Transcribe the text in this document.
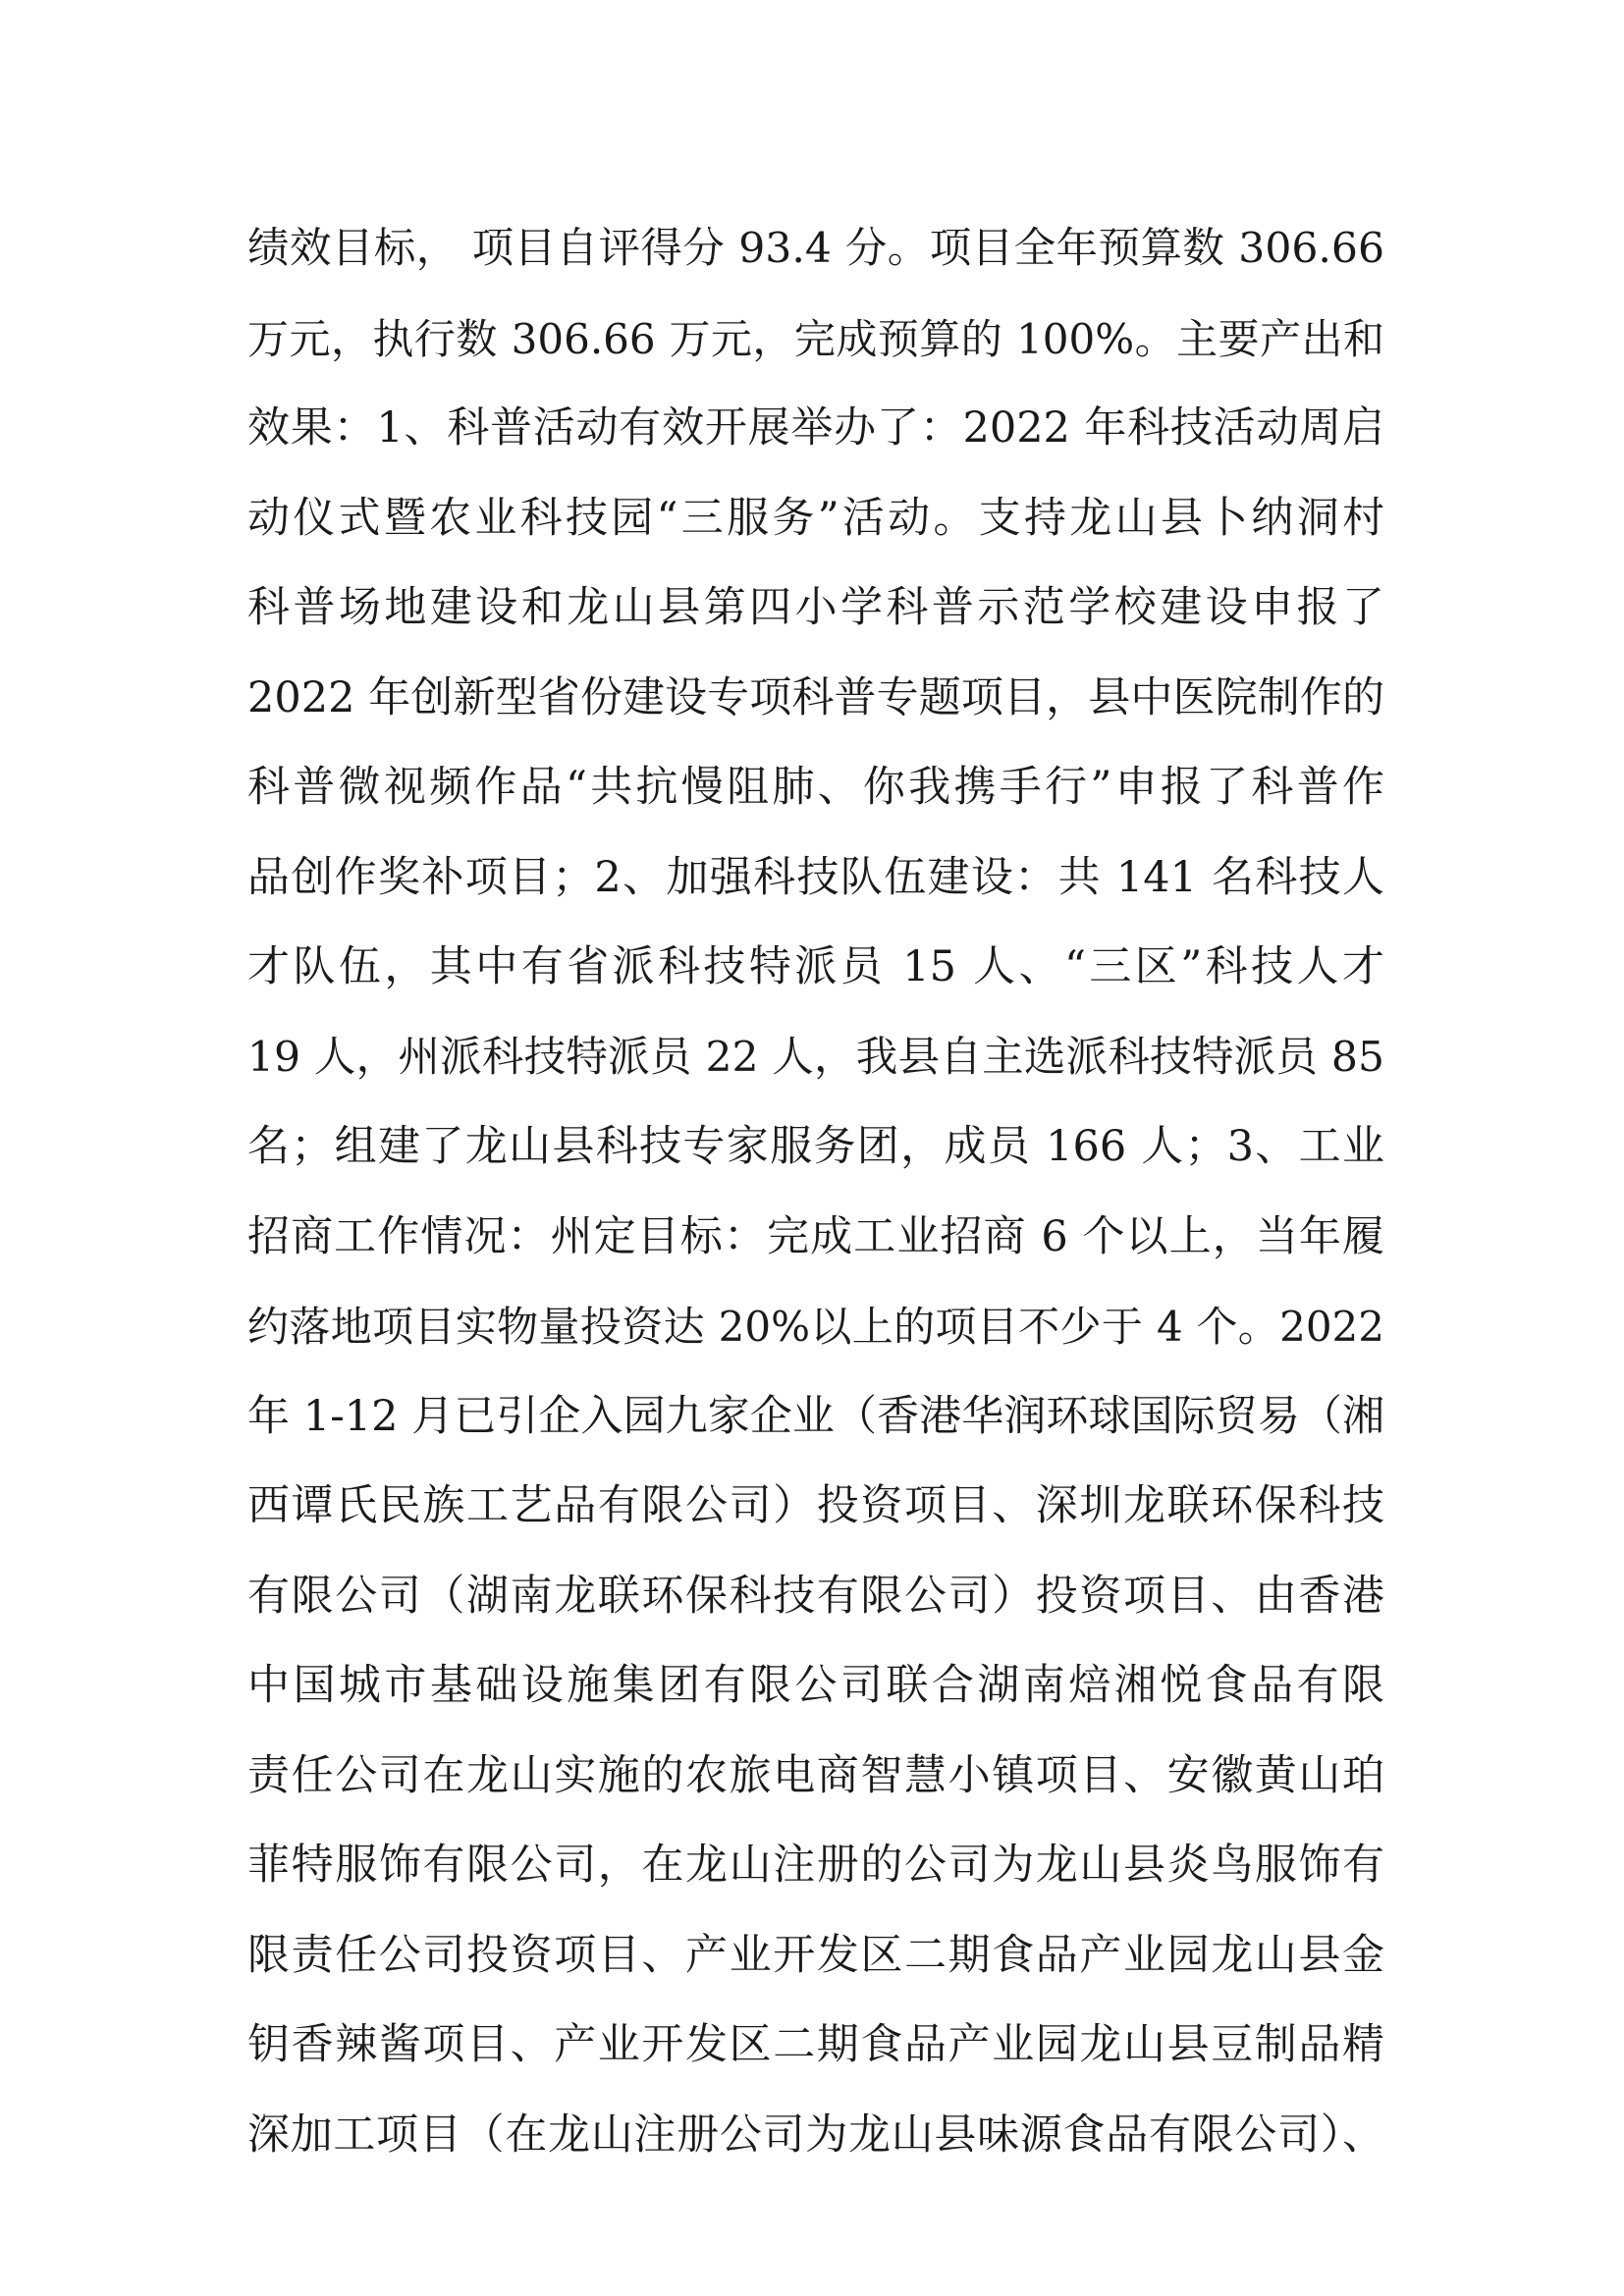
绩效目标， 项目自评得分 93.4 分。项目全年预算数 306.66
万元，执行数 306.66 万元，完成预算的 100%。主要产出和
效果：1、科普活动有效开展举办了：2022 年科技活动周启
动仪式暨农业科技园“三服务”活动。支持龙山县卜纳洞村
科普场地建设和龙山县第四小学科普示范学校建设申报了
2022 年创新型省份建设专项科普专题项目，县中医院制作的
科普微视频作品“共抗慢阻肺、你我携手行”申报了科普作
品创作奖补项目；2、加强科技队伍建设：共 141 名科技人
才队伍，其中有省派科技特派员 15 人、“三区”科技人才
19 人，州派科技特派员 22 人，我县自主选派科技特派员 85
名；组建了龙山县科技专家服务团，成员 166 人；3、工业
招商工作情况：州定目标：完成工业招商 6 个以上，当年履
约落地项目实物量投资达 20%以上的项目不少于 4 个。2022
年 1-12 月已引企入园九家企业（香港华润环球国际贸易（湘
西谭氏民族工艺品有限公司）投资项目、深圳龙联环保科技
有限公司（湖南龙联环保科技有限公司）投资项目、由香港
中国城市基础设施集团有限公司联合湖南焙湘悦食品有限
责任公司在龙山实施的农旅电商智慧小镇项目、安徽黄山珀
菲特服饰有限公司，在龙山注册的公司为龙山县炎鸟服饰有
限责任公司投资项目、产业开发区二期食品产业园龙山县金
钥香辣酱项目、产业开发区二期食品产业园龙山县豆制品精
深加工项目（在龙山注册公司为龙山县味源食品有限公司）、
